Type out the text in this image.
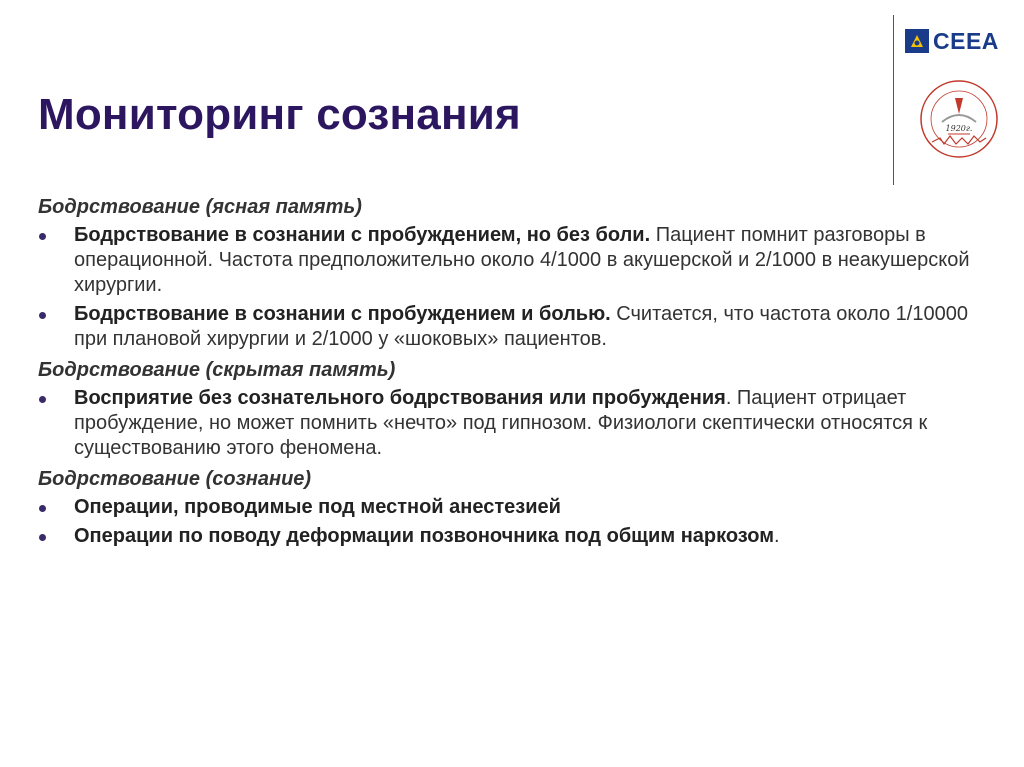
Мониторинг сознания
CEEA
1920г.

Бодрствование (ясная память)

Бодрствование в сознании с пробуждением, но без боли. Пациент помнит разговоры в операционной. Частота предположительно около 4/1000 в акушерской и 2/1000 в неакушерской хирургии.
Бодрствование в сознании с пробуждением и болью. Считается, что частота около 1/10000 при плановой хирургии и 2/1000 у «шоковых» пациентов.

Бодрствование (скрытая память)

Восприятие без сознательного бодрствования или пробуждения. Пациент отрицает пробуждение, но может помнить «нечто» под гипнозом. Физиологи скептически относятся к существованию этого феномена.

Бодрствование (сознание)

Операции, проводимые под местной анестезией
Операции по поводу деформации позвоночника под общим наркозом.
